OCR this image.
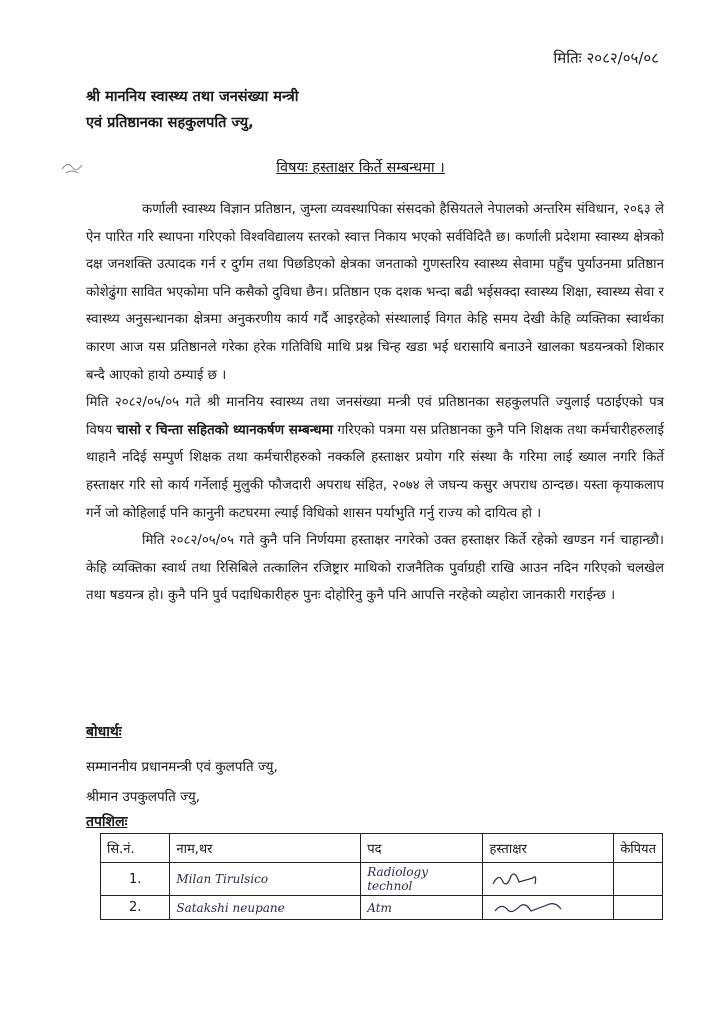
मितिः २०८२/०५/०८
श्री माननिय स्वास्थ्य तथा जनसंख्या मन्त्री
एवं प्रतिष्ठानका सहकुलपति ज्यु,
विषयः हस्ताक्षर किर्ते सम्बन्धमा ।

कर्णाली स्वास्थ्य विज्ञान प्रतिष्ठान, जुम्ला व्यवस्थापिका संसदको हैसियतले नेपालको अन्तरिम संविधान, २०६३ ले ऐन पारित गरि स्थापना गरिएको विश्वविद्यालय स्तरको स्वात्त निकाय भएको सर्वविदितै छ। कर्णाली प्रदेशमा स्वास्थ्य क्षेत्रको दक्ष जनशक्ति उत्पादक गर्न र दुर्गम तथा पिछडिएको क्षेत्रका जनताको गुणस्तरिय स्वास्थ्य सेवामा पहुँच पुर्याउनमा प्रतिष्ठान कोशेढुंगा सावित भएकोमा पनि कसैको दुविधा छैन। प्रतिष्ठान एक दशक भन्दा बढी भईसक्दा स्वास्थ्य शिक्षा, स्वास्थ्य सेवा र स्वास्थ्य अनुसन्धानका क्षेत्रमा अनुकरणीय कार्य गर्दै आइरहेको संस्थालाई विगत केहि समय देखी केहि व्यक्तिका स्वार्थका कारण आज यस प्रतिष्ठानले गरेका हरेक गतिविधि माथि प्रश्न चिन्ह खडा भई धरासायि बनाउने खालका षडयन्त्रको शिकार बन्दै आएको हायो ठम्याई छ ।

मिति २०८२/०५/०५ गते श्री माननिय स्वास्थ्य तथा जनसंख्या मन्त्री एवं प्रतिष्ठानका सहकुलपति ज्युलाई पठाईएको पत्र विषय चासो र चिन्ता सहितको ध्यानकर्षण सम्बन्धमा गरिएको पत्रमा यस प्रतिष्ठानका कुनै पनि शिक्षक तथा कर्मचारीहरुलाई थाहानै नदिई सम्पुर्ण शिक्षक तथा कर्मचारीहरुको नक्कलि हस्ताक्षर प्रयोग गरि संस्था कै गरिमा लाई ख्याल नगरि किर्ते हस्ताक्षर गरि सो कार्य गर्नेलाई मुलुकी फौजदारी अपराध संहित, २०७४ ले जघन्य कसुर अपराध ठान्दछ। यस्ता कृयाकलाप गर्ने जो कोहिलाई पनि कानुनी कटघरमा ल्याई विधिको शासन पर्याभुति गर्नु राज्य को दायित्व हो ।

मिति २०८२/०५/०५ गते कुनै पनि निर्णयमा हस्ताक्षर नगरेको उक्त हस्ताक्षर किर्ते रहेको खण्डन गर्न चाहान्छौ। केहि व्यक्तिका स्वार्थ तथा रिसिबिले तत्कालिन रजिष्ट्रार माथिको राजनैतिक पुर्वाग्रही राखि आउन नदिन गरिएको चलखेल तथा षडयन्त्र हो। कुनै पनि पुर्व पदाधिकारीहरु पुनः दोहोरिनु कुनै पनि आपत्ति नरहेको व्यहोरा जानकारी गराईन्छ ।

बोधार्थः
सम्माननीय प्रधानमन्त्री एवं कुलपति ज्यु,
श्रीमान उपकुलपति ज्यु,
तपशिलः
सि.नं.	नाम,थर	पद	हस्ताक्षर	केपियत
1.	Milan Tirulsico	Radiology technol	

2.	Satakshi neupane	Atm	
